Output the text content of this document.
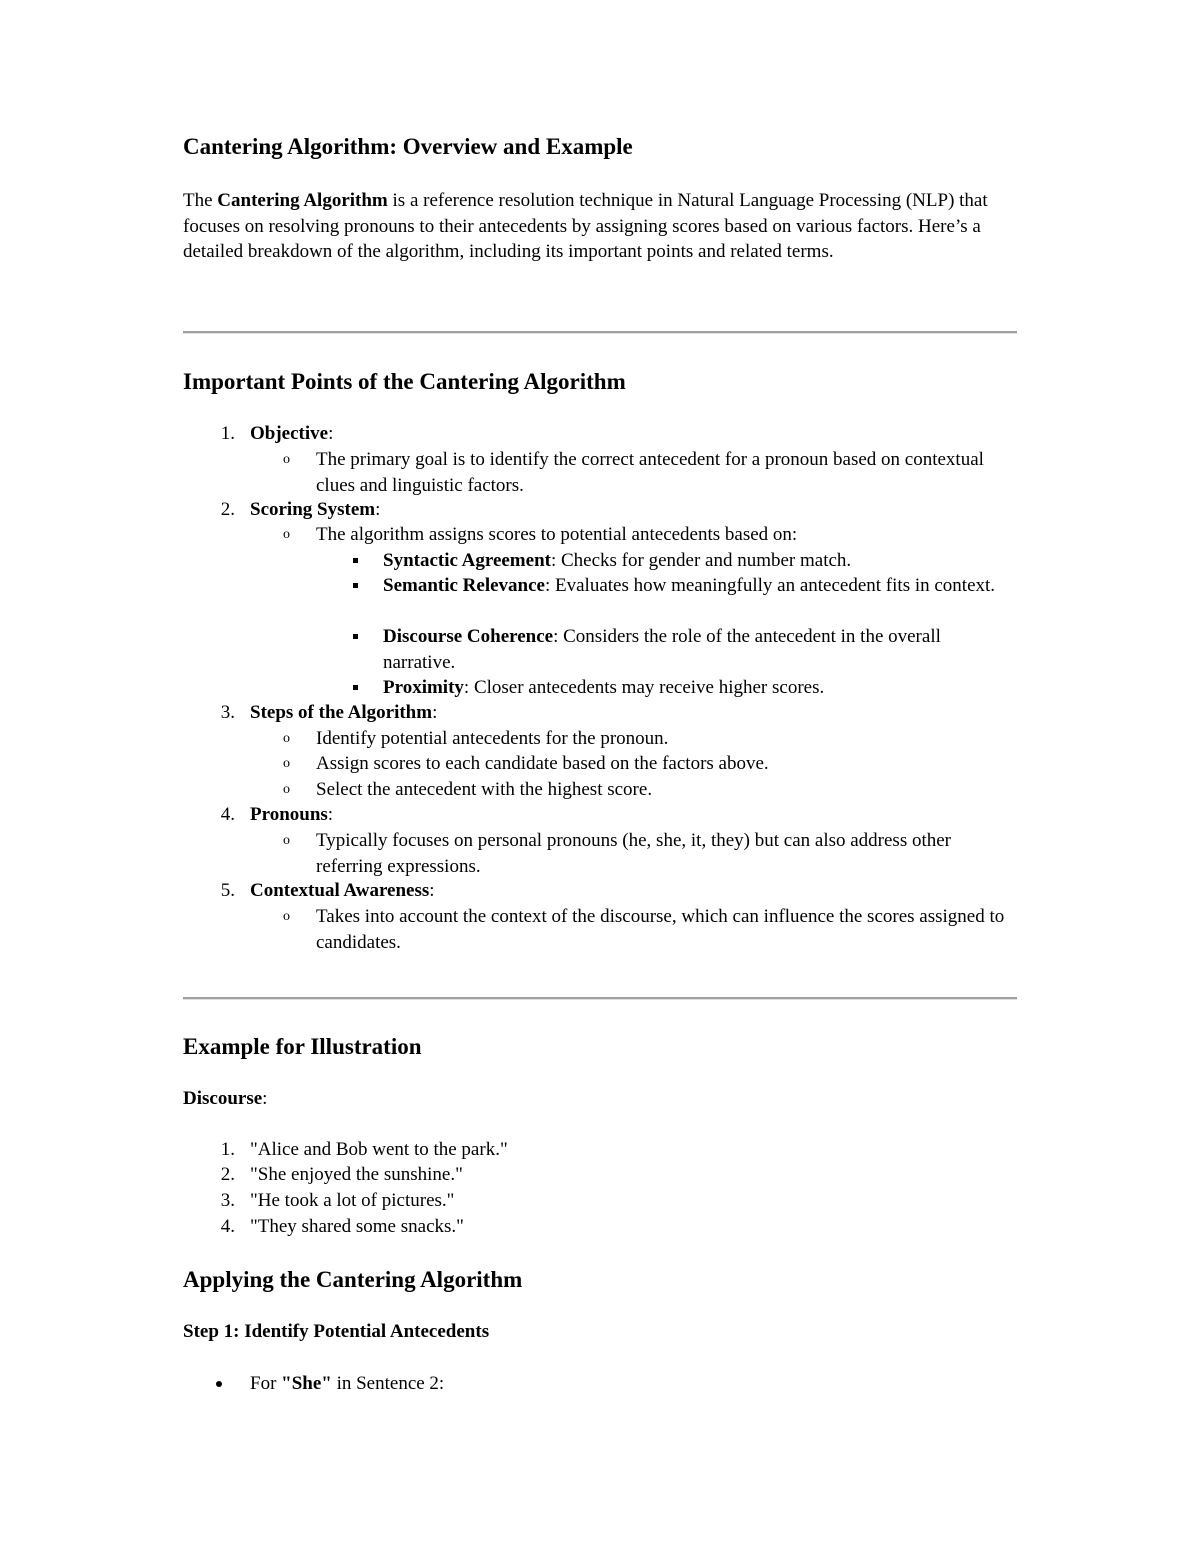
Cantering Algorithm: Overview and Example

The Cantering Algorithm is a reference resolution technique in Natural Language Processing (NLP) that focuses on resolving pronouns to their antecedents by assigning scores based on various factors. Here’s a detailed breakdown of the algorithm, including its important points and related terms.

Important Points of the Cantering Algorithm
1. Objective:
o The primary goal is to identify the correct antecedent for a pronoun based on contextual clues and linguistic factors.
2. Scoring System:
o The algorithm assigns scores to potential antecedents based on:
Syntactic Agreement: Checks for gender and number match.
Semantic Relevance: Evaluates how meaningfully an antecedent fits in context.
Discourse Coherence: Considers the role of the antecedent in the overall narrative.
Proximity: Closer antecedents may receive higher scores.
3. Steps of the Algorithm:
o Identify potential antecedents for the pronoun.
o Assign scores to each candidate based on the factors above.
o Select the antecedent with the highest score.
4. Pronouns:
o Typically focuses on personal pronouns (he, she, it, they) but can also address other referring expressions.
5. Contextual Awareness:
o Takes into account the context of the discourse, which can influence the scores assigned to candidates.
Example for Illustration
Discourse:
1. "Alice and Bob went to the park."
2. "She enjoyed the sunshine."
3. "He took a lot of pictures."
4. "They shared some snacks."
Applying the Cantering Algorithm
Step 1: Identify Potential Antecedents
For "She" in Sentence 2:
